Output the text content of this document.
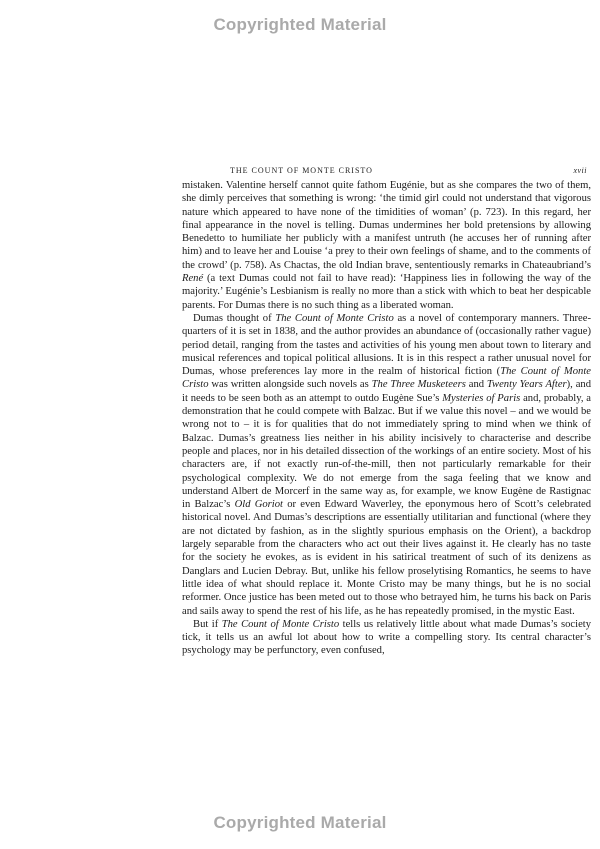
Copyrighted Material
THE COUNT OF MONTE CRISTO	xvii

mistaken. Valentine herself cannot quite fathom Eugénie, but as she compares the two of them, she dimly perceives that something is wrong: ‘the timid girl could not understand that vigorous nature which appeared to have none of the timidities of woman’ (p. 723). In this regard, her final appearance in the novel is telling. Dumas undermines her bold pretensions by allowing Benedetto to humiliate her publicly with a manifest untruth (he accuses her of running after him) and to leave her and Louise ‘a prey to their own feelings of shame, and to the comments of the crowd’ (p. 758). As Chactas, the old Indian brave, sententiously remarks in Chateaubriand’s René (a text Dumas could not fail to have read): ‘Happiness lies in following the way of the majority.’ Eugénie’s Lesbianism is really no more than a stick with which to beat her despicable parents. For Dumas there is no such thing as a liberated woman.

Dumas thought of The Count of Monte Cristo as a novel of contemporary manners. Three-quarters of it is set in 1838, and the author provides an abundance of (occasionally rather vague) period detail, ranging from the tastes and activities of his young men about town to literary and musical references and topical political allusions. It is in this respect a rather unusual novel for Dumas, whose preferences lay more in the realm of historical fiction (The Count of Monte Cristo was written alongside such novels as The Three Musketeers and Twenty Years After), and it needs to be seen both as an attempt to outdo Eugène Sue’s Mysteries of Paris and, probably, a demonstration that he could compete with Balzac. But if we value this novel – and we would be wrong not to – it is for qualities that do not immediately spring to mind when we think of Balzac. Dumas’s greatness lies neither in his ability incisively to characterise and describe people and places, nor in his detailed dissection of the workings of an entire society. Most of his characters are, if not exactly run-of-the-mill, then not particularly remarkable for their psychological complexity. We do not emerge from the saga feeling that we know and understand Albert de Morcerf in the same way as, for example, we know Eugène de Rastignac in Balzac’s Old Goriot or even Edward Waverley, the eponymous hero of Scott’s celebrated historical novel. And Dumas’s descriptions are essentially utilitarian and functional (where they are not dictated by fashion, as in the slightly spurious emphasis on the Orient), a backdrop largely separable from the characters who act out their lives against it. He clearly has no taste for the society he evokes, as is evident in his satirical treatment of such of its denizens as Danglars and Lucien Debray. But, unlike his fellow proselytising Romantics, he seems to have little idea of what should replace it. Monte Cristo may be many things, but he is no social reformer. Once justice has been meted out to those who betrayed him, he turns his back on Paris and sails away to spend the rest of his life, as he has repeatedly promised, in the mystic East.

But if The Count of Monte Cristo tells us relatively little about what made Dumas’s society tick, it tells us an awful lot about how to write a compelling story. Its central character’s psychology may be perfunctory, even confused,

Copyrighted Material
